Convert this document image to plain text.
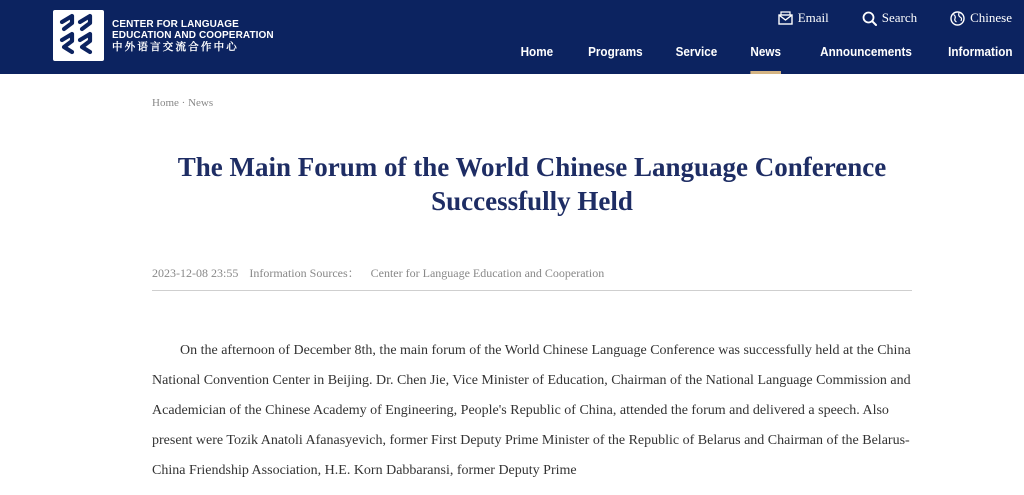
CENTER FOR LANGUAGE
EDUCATION AND COOPERATION
中外语言交流合作中心
Email	Search	Chinese
Home	Programs	Service News	Announcements	Information
Home · News
The Main Forum of the World Chinese Language Conference Successfully Held
2023-12-08 23:55 Information Sources： Center for Language Education and Cooperation

On the afternoon of December 8th, the main forum of the World Chinese Language Conference was successfully held at the China National Convention Center in Beijing. Dr. Chen Jie, Vice Minister of Education, Chairman of the National Language Commission and Academician of the Chinese Academy of Engineering, People's Republic of China, attended the forum and delivered a speech. Also present were Tozik Anatoli Afanasyevich, former First Deputy Prime Minister of the Republic of Belarus and Chairman of the Belarus-China Friendship Association, H.E. Korn Dabbaransi, former Deputy Prime
